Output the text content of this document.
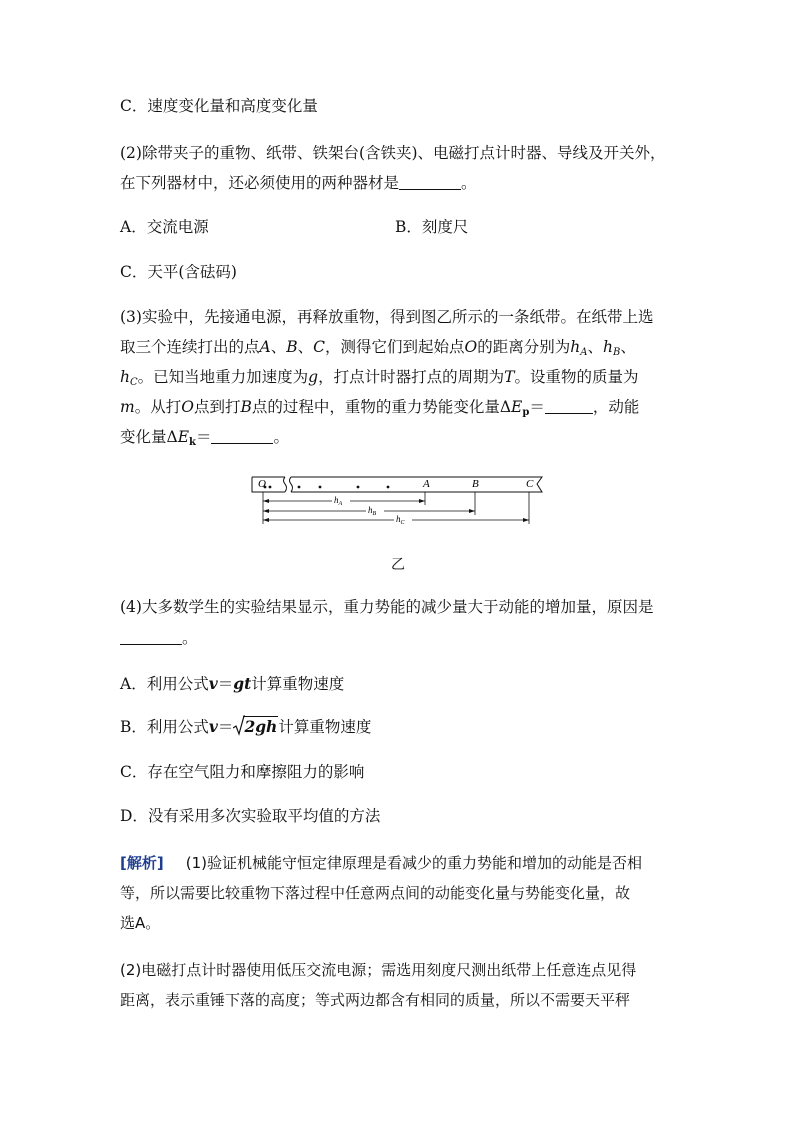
C．速度变化量和高度变化量
(2)除带夹子的重物、纸带、铁架台(含铁夹)、电磁打点计时器、导线及开关外，
在下列器材中，还必须使用的两种器材是	。
A．交流电源	B．刻度尺
C．天平(含砝码)
(3)实验中，先接通电源，再释放重物，得到图乙所示的一条纸带。在纸带上选
取三个连续打出的点A、B、C，测得它们到起始点O的距离分别为$h_A$、$h_B$、
$h_C$。已知当地重力加速度为g，打点计时器打点的周期为T。设重物的质量为
m。从打O点到打B点的过程中，重物的重力势能变化量$\Delta E_p=$	，动能
变化量$\Delta E_k=$	。
O	A	B	C
$h_A$
$h_B$ $h_C$
乙
(4)大多数学生的实验结果显示，重力势能的减少量大于动能的增加量，原因是
。
A．利用公式v＝gt计算重物速度
B．利用公式v＝ 2gh计算重物速度
C．存在空气阻力和摩擦阻力的影响
D．没有采用多次实验取平均值的方法
[解析] (1)验证机械能守恒定律原理是看减少的重力势能和增加的动能是否相
等，所以需要比较重物下落过程中任意两点间的动能变化量与势能变化量，故
选A。
(2)电磁打点计时器使用低压交流电源；需选用刻度尺测出纸带上任意连点见得
距离，表示重锤下落的高度；等式两边都含有相同的质量，所以不需要天平秤
